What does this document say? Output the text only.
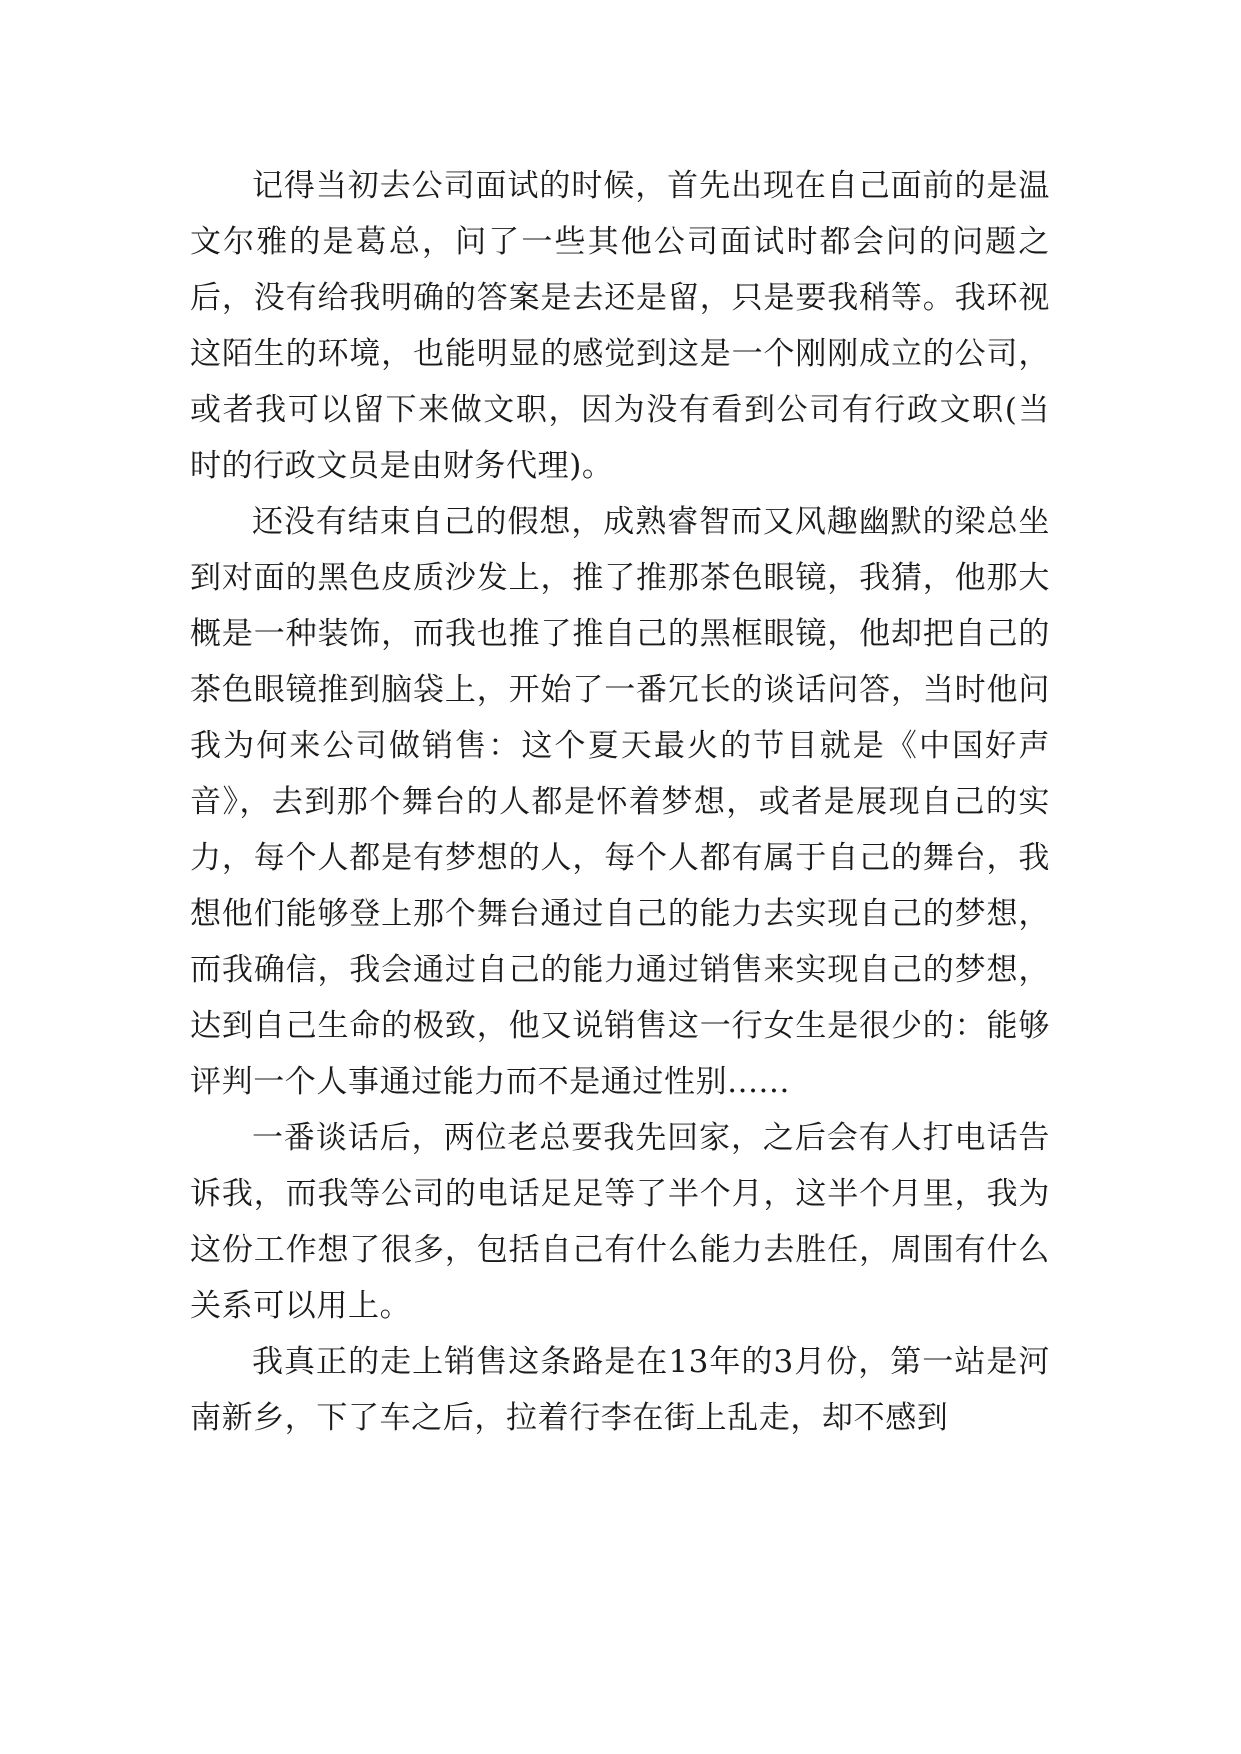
记得当初去公司面试的时候，首先出现在自己面前的是温文尔雅的是葛总，问了一些其他公司面试时都会问的问题之后，没有给我明确的答案是去还是留，只是要我稍等。我环视这陌生的环境，也能明显的感觉到这是一个刚刚成立的公司，或者我可以留下来做文职，因为没有看到公司有行政文职(当时的行政文员是由财务代理)。

还没有结束自己的假想，成熟睿智而又风趣幽默的梁总坐到对面的黑色皮质沙发上，推了推那茶色眼镜，我猜，他那大概是一种装饰，而我也推了推自己的黑框眼镜，他却把自己的茶色眼镜推到脑袋上，开始了一番冗长的谈话问答，当时他问我为何来公司做销售：这个夏天最火的节目就是《中国好声音》，去到那个舞台的人都是怀着梦想，或者是展现自己的实力，每个人都是有梦想的人，每个人都有属于自己的舞台，我想他们能够登上那个舞台通过自己的能力去实现自己的梦想，而我确信，我会通过自己的能力通过销售来实现自己的梦想，达到自己生命的极致，他又说销售这一行女生是很少的：能够评判一个人事通过能力而不是通过性别......

一番谈话后，两位老总要我先回家，之后会有人打电话告诉我，而我等公司的电话足足等了半个月，这半个月里，我为这份工作想了很多，包括自己有什么能力去胜任，周围有什么关系可以用上。

我真正的走上销售这条路是在13年的3月份，第一站是河南新乡，下了车之后，拉着行李在街上乱走，却不感到
